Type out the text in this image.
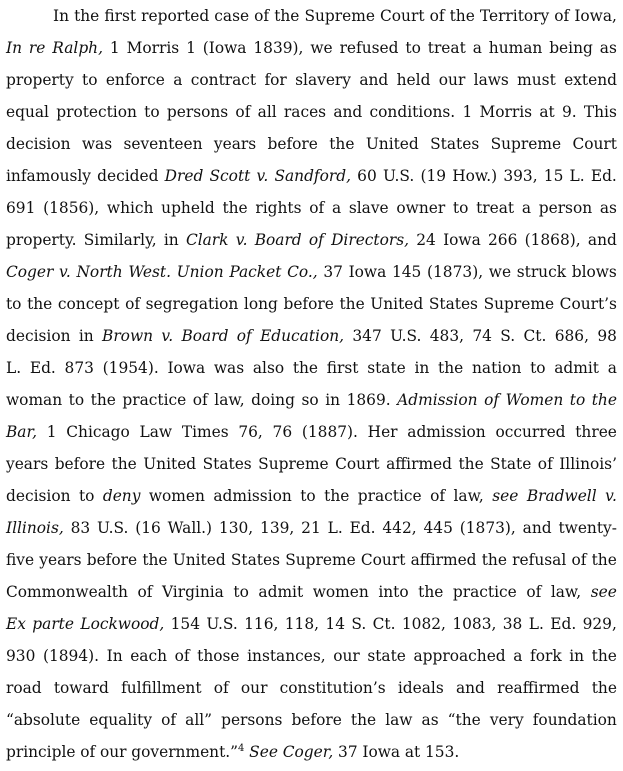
In the first reported case of the Supreme Court of the Territory of Iowa,
In re Ralph, 1 Morris 1 (Iowa 1839), we refused to treat a human being as
property to enforce a contract for slavery and held our laws must extend
equal protection to persons of all races and conditions. 1 Morris at 9. This
decision was seventeen years before the United States Supreme Court
infamously decided Dred Scott v. Sandford, 60 U.S. (19 How.) 393, 15 L. Ed.
691 (1856), which upheld the rights of a slave owner to treat a person as
property. Similarly, in Clark v. Board of Directors, 24 Iowa 266 (1868), and
Coger v. North West. Union Packet Co., 37 Iowa 145 (1873), we struck blows
to the concept of segregation long before the United States Supreme Court’s
decision in Brown v. Board of Education, 347 U.S. 483, 74 S. Ct. 686, 98
L. Ed. 873 (1954). Iowa was also the first state in the nation to admit a
woman to the practice of law, doing so in 1869. Admission of Women to the
Bar, 1 Chicago Law Times 76, 76 (1887). Her admission occurred three
years before the United States Supreme Court affirmed the State of Illinois’
decision to deny women admission to the practice of law, see Bradwell v.
Illinois, 83 U.S. (16 Wall.) 130, 139, 21 L. Ed. 442, 445 (1873), and twenty-
five years before the United States Supreme Court affirmed the refusal of the
Commonwealth of Virginia to admit women into the practice of law, see
Ex parte Lockwood, 154 U.S. 116, 118, 14 S. Ct. 1082, 1083, 38 L. Ed. 929,
930 (1894). In each of those instances, our state approached a fork in the
road toward fulfillment of our constitution’s ideals and reaffirmed the
“absolute equality of all” persons before the law as “the very foundation
principle of our government.”$^4$ See Coger, 37 Iowa at 153.
